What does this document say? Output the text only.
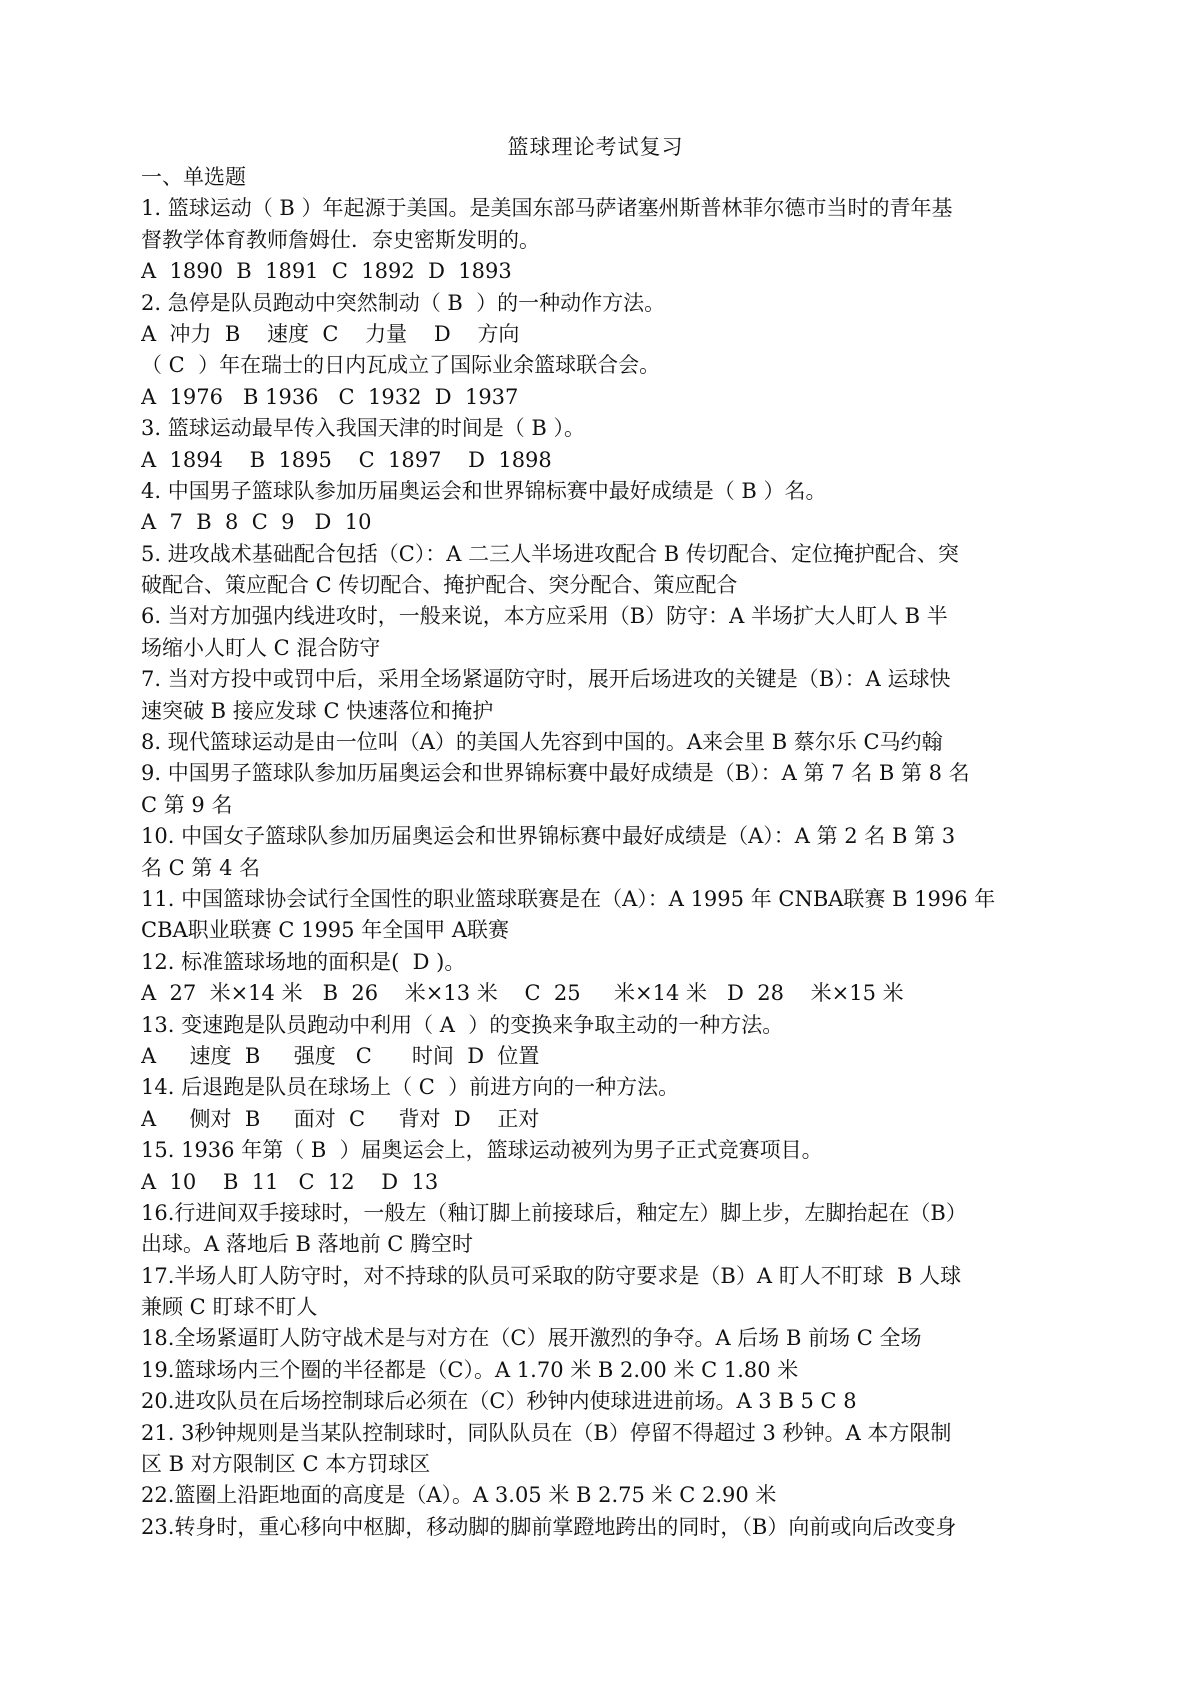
篮球理论考试复习
一、单选题
1. 篮球运动（ B ）年起源于美国。是美国东部马萨诸塞州斯普林菲尔德市当时的青年基
督教学体育教师詹姆仕．奈史密斯发明的。
A  1890  B  1891  C  1892  D  1893
2. 急停是队员跑动中突然制动（ B  ）的一种动作方法。
A  冲力  B    速度  C    力量    D    方向
（ C  ）年在瑞士的日内瓦成立了国际业余篮球联合会。
A  1976   B 1936   C  1932  D  1937
3. 篮球运动最早传入我国天津的时间是（ B ）。
A  1894    B  1895    C  1897    D  1898
4. 中国男子篮球队参加历届奥运会和世界锦标赛中最好成绩是（ B ）名。
A  7  B  8  C  9   D  10
5. 进攻战术基础配合包括（C）：A 二三人半场进攻配合 B 传切配合、定位掩护配合、突
破配合、策应配合 C 传切配合、掩护配合、突分配合、策应配合
6. 当对方加强内线进攻时，一般来说，本方应采用（B）防守：A 半场扩大人盯人 B 半
场缩小人盯人 C 混合防守
7. 当对方投中或罚中后，采用全场紧逼防守时，展开后场进攻的关键是（B）：A 运球快
速突破 B 接应发球 C 快速落位和掩护
8. 现代篮球运动是由一位叫（A）的美国人先容到中国的。A来会里 B 蔡尔乐 C马约翰
9. 中国男子篮球队参加历届奥运会和世界锦标赛中最好成绩是（B）：A 第 7 名 B 第 8 名
C 第 9 名
10. 中国女子篮球队参加历届奥运会和世界锦标赛中最好成绩是（A）：A 第 2 名 B 第 3
名 C 第 4 名
11. 中国篮球协会试行全国性的职业篮球联赛是在（A）：A 1995 年 CNBA联赛 B 1996 年
CBA职业联赛 C 1995 年全国甲 A联赛
12. 标准篮球场地的面积是(  D )。
A  27  米×14 米   B  26    米×13 米    C  25     米×14 米   D  28    米×15 米
13. 变速跑是队员跑动中利用（ A  ）的变换来争取主动的一种方法。
A     速度  B     强度   C      时间  D  位置
14. 后退跑是队员在球场上（ C  ）前进方向的一种方法。
A     侧对  B     面对  C     背对  D    正对
15. 1936 年第（ B  ）届奥运会上，篮球运动被列为男子正式竞赛项目。
A  10    B  11   C  12    D  13
16.行进间双手接球时，一般左（釉订脚上前接球后，釉定左）脚上步，左脚抬起在（B）
出球。A 落地后 B 落地前 C 腾空时
17.半场人盯人防守时，对不持球的队员可采取的防守要求是（B）A 盯人不盯球  B 人球
兼顾 C 盯球不盯人
18.全场紧逼盯人防守战术是与对方在（C）展开激烈的争夺。A 后场 B 前场 C 全场
19.篮球场内三个圈的半径都是（C）。A 1.70 米 B 2.00 米 C 1.80 米
20.进攻队员在后场控制球后必须在（C）秒钟内使球进进前场。A 3 B 5 C 8
21. 3秒钟规则是当某队控制球时，同队队员在（B）停留不得超过 3 秒钟。A 本方限制
区 B 对方限制区 C 本方罚球区
22.篮圈上沿距地面的高度是（A）。A 3.05 米 B 2.75 米 C 2.90 米
23.转身时，重心移向中枢脚，移动脚的脚前掌蹬地跨出的同时，（B）向前或向后改变身
